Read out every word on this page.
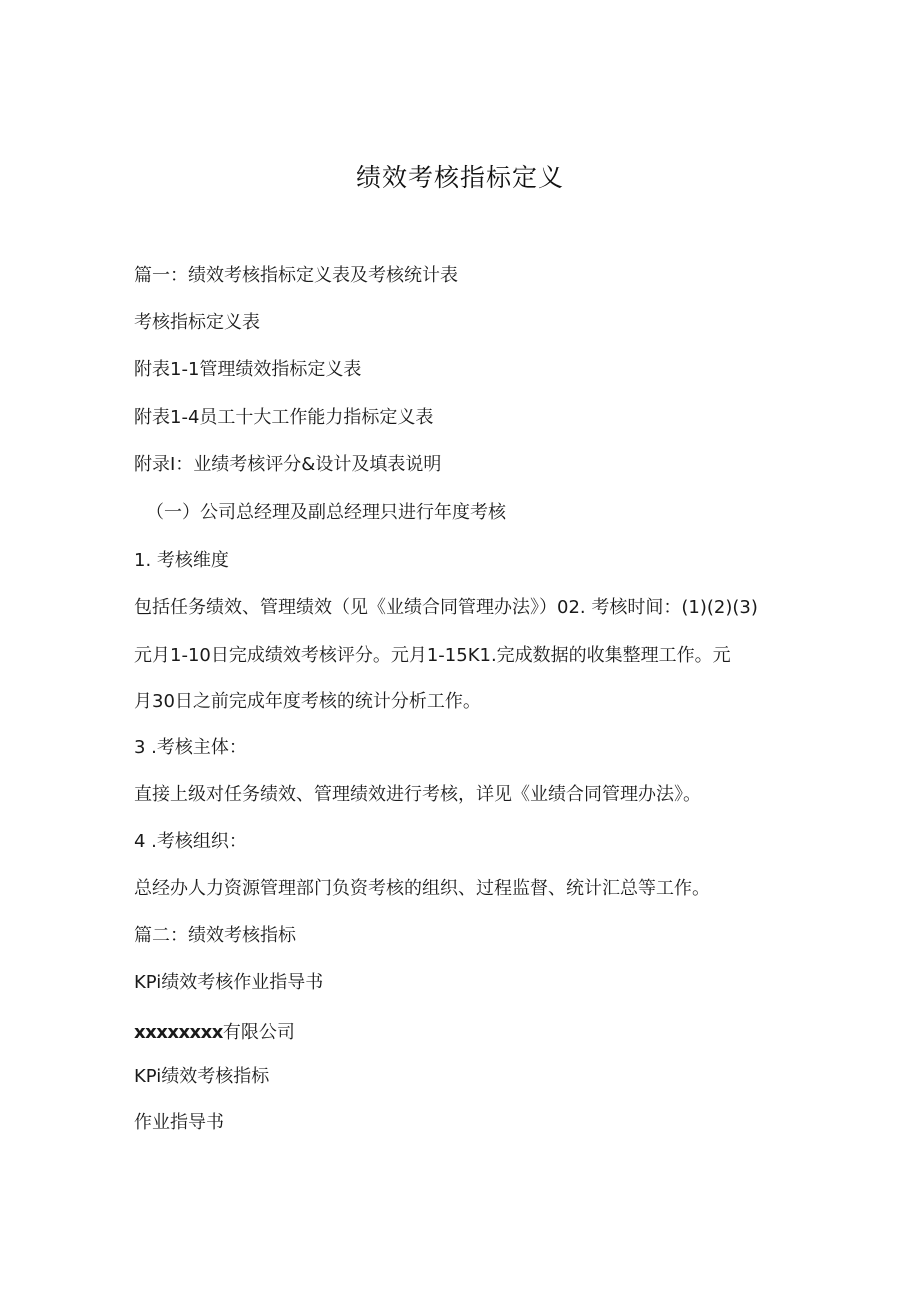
绩效考核指标定义
篇一：绩效考核指标定义表及考核统计表
考核指标定义表
附表1-1管理绩效指标定义表
附表1-4员工十大工作能力指标定义表
附录I：业绩考核评分&设计及填表说明
（一）公司总经理及副总经理只进行年度考核
1. 考核维度
包括任务绩效、管理绩效（见《业绩合同管理办法》）02. 考核时间：(1)(2)(3)
元月1-10日完成绩效考核评分。元月1-15K1.完成数据的收集整理工作。元
月30日之前完成年度考核的统计分析工作。
3 .考核主体：
直接上级对任务绩效、管理绩效进行考核，详见《业绩合同管理办法》。
4 .考核组织：
总经办人力资源管理部门负资考核的组织、过程监督、统计汇总等工作。
篇二：绩效考核指标
KPi绩效考核作业指导书
xxxxxxxx有限公司
KPi绩效考核指标
作业指导书
